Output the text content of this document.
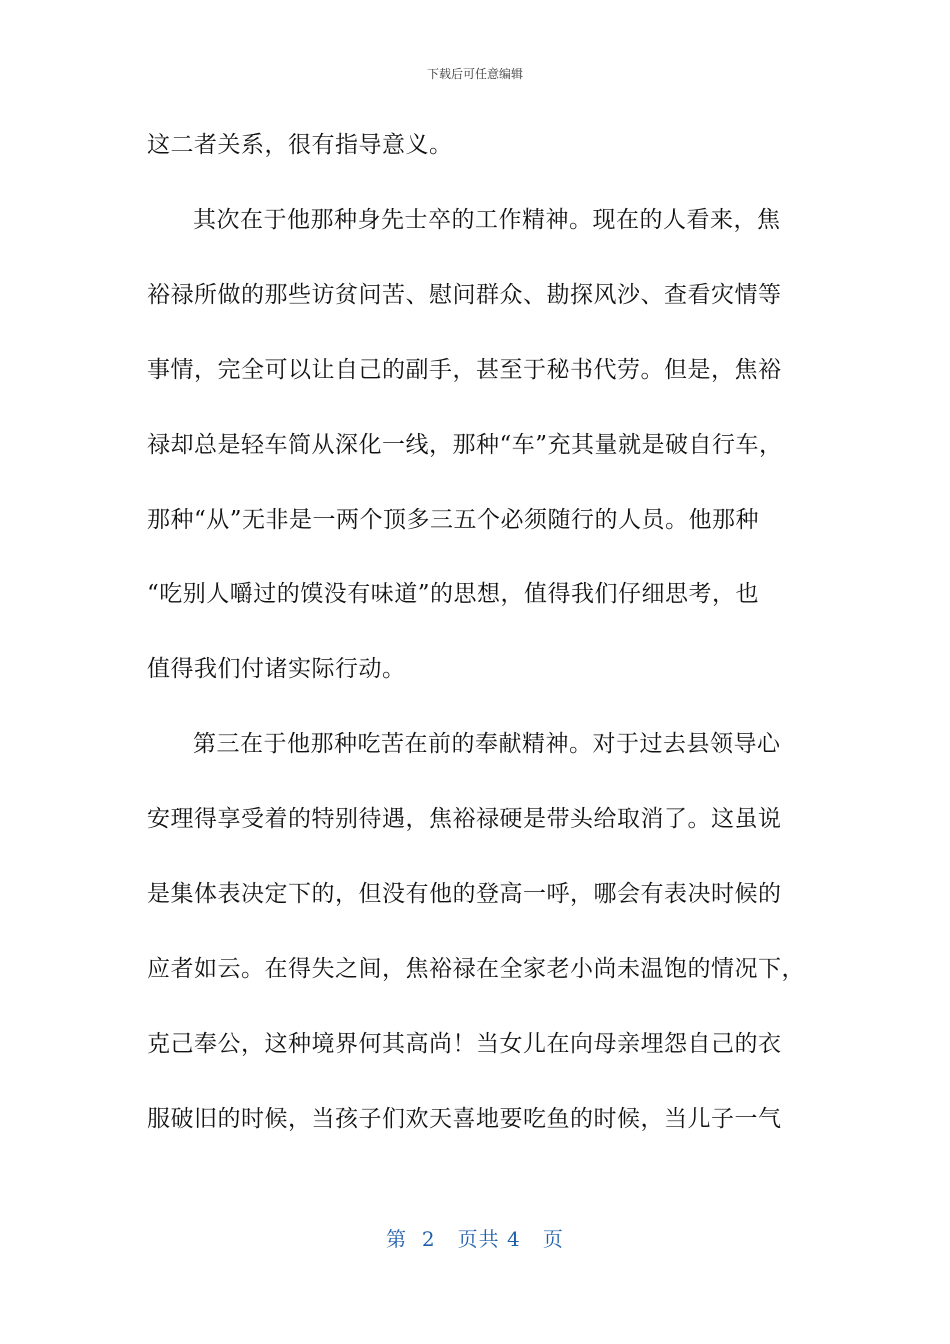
下载后可任意编辑
这二者关系，很有指导意义。
其次在于他那种身先士卒的工作精神。现在的人看来，焦
裕禄所做的那些访贫问苦、慰问群众、勘探风沙、查看灾情等
事情，完全可以让自己的副手，甚至于秘书代劳。但是，焦裕
禄却总是轻车简从深化一线，那种“车”充其量就是破自行车，
那种“从”无非是一两个顶多三五个必须随行的人员。他那种
“吃别人嚼过的馍没有味道”的思想，值得我们仔细思考，也
值得我们付诸实际行动。
第三在于他那种吃苦在前的奉献精神。对于过去县领导心
安理得享受着的特别待遇，焦裕禄硬是带头给取消了。这虽说
是集体表决定下的，但没有他的登高一呼，哪会有表决时候的
应者如云。在得失之间，焦裕禄在全家老小尚未温饱的情况下，
克己奉公，这种境界何其高尚！当女儿在向母亲埋怨自己的衣
服破旧的时候，当孩子们欢天喜地要吃鱼的时候，当儿子一气
第 2 页共 4 页
